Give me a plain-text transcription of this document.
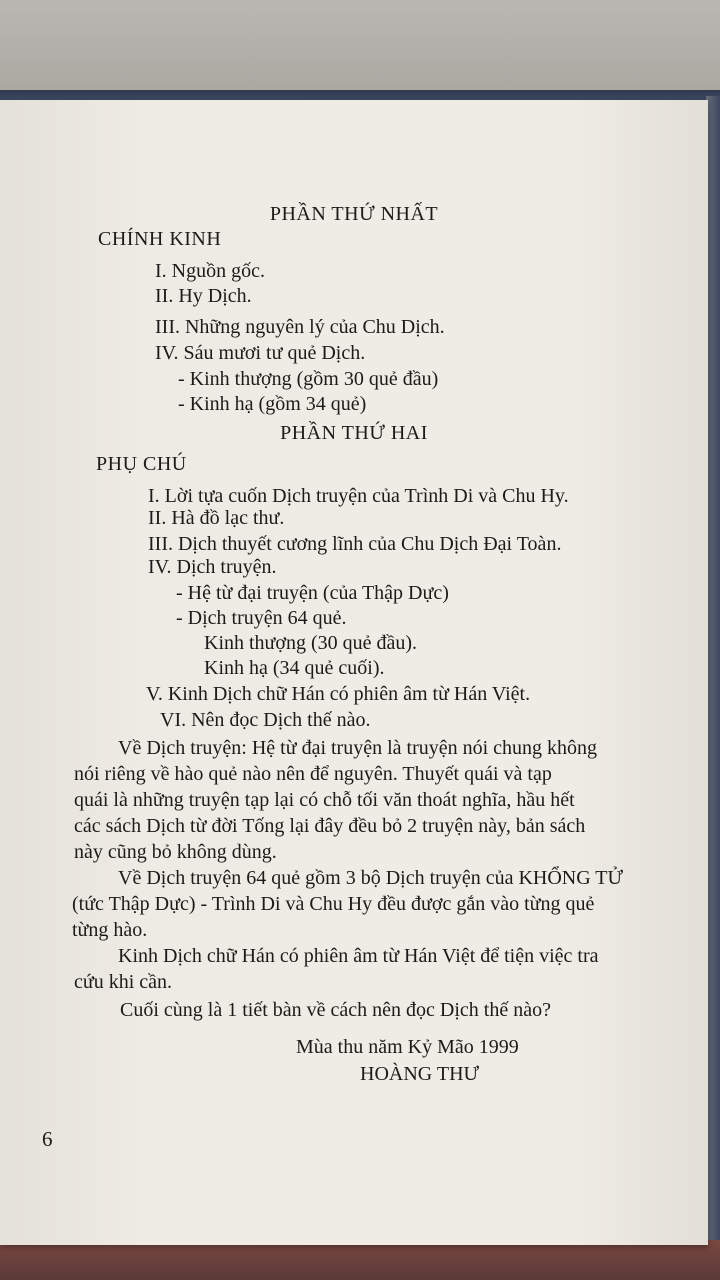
PHẦN THỨ NHẤT
CHÍNH KINH
I. Nguồn gốc.
II. Hy Dịch.
III. Những nguyên lý của Chu Dịch.
IV. Sáu mươi tư quẻ Dịch.
- Kinh thượng (gồm 30 quẻ đầu)
- Kinh hạ (gồm 34 quẻ)
PHẦN THỨ HAI
PHỤ CHÚ
I. Lời tựa cuốn Dịch truyện của Trình Di và Chu Hy.
II. Hà đồ lạc thư.
III. Dịch thuyết cương lĩnh của Chu Dịch Đại Toàn.
IV. Dịch truyện.
- Hệ từ đại truyện (của Thập Dực)
- Dịch truyện 64 quẻ.
Kinh thượng (30 quẻ đầu).
Kinh hạ (34 quẻ cuối).
V. Kinh Dịch chữ Hán có phiên âm từ Hán Việt.
VI. Nên đọc Dịch thế nào.
Về Dịch truyện: Hệ từ đại truyện là truyện nói chung không
nói riêng về hào quẻ nào nên để nguyên. Thuyết quái và tạp
quái là những truyện tạp lại có chỗ tối văn thoát nghĩa, hầu hết
các sách Dịch từ đời Tống lại đây đều bỏ 2 truyện này, bản sách
này cũng bỏ không dùng.
Về Dịch truyện 64 quẻ gồm 3 bộ Dịch truyện của KHỔNG TỬ
(tức Thập Dực) - Trình Di và Chu Hy đều được gắn vào từng quẻ
từng hào.
Kinh Dịch chữ Hán có phiên âm từ Hán Việt để tiện việc tra
cứu khi cần.
Cuối cùng là 1 tiết bàn về cách nên đọc Dịch thế nào?
Mùa thu năm Kỷ Mão 1999
HOÀNG THƯ
6
